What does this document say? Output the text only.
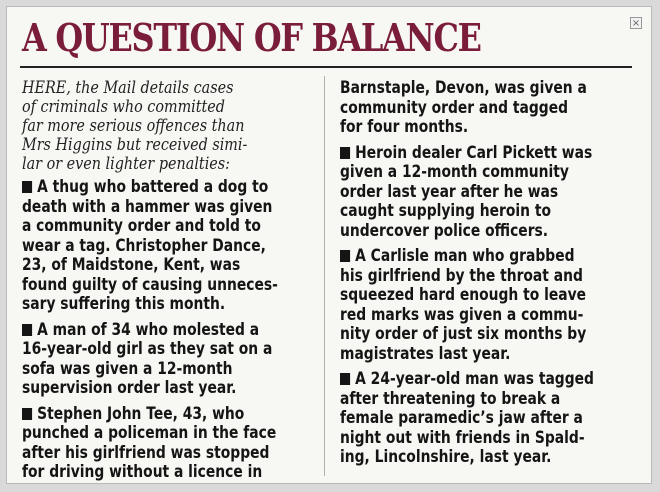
×
A QUESTION OF BALANCE
HERE, the Mail details cases
of criminals who committed
far more serious offences than
Mrs Higgins but received simi-
lar or even lighter penalties:
A thug who battered a dog to
death with a hammer was given
a community order and told to
wear a tag. Christopher Dance,
23, of Maidstone, Kent, was
found guilty of causing unneces-
sary suffering this month.
A man of 34 who molested a
16-year-old girl as they sat on a
sofa was given a 12-month
supervision order last year.
Stephen John Tee, 43, who
punched a policeman in the face
after his girlfriend was stopped
for driving without a licence in
Barnstaple, Devon, was given a
community order and tagged
for four months.
Heroin dealer Carl Pickett was
given a 12-month community
order last year after he was
caught supplying heroin to
undercover police officers.
A Carlisle man who grabbed
his girlfriend by the throat and
squeezed hard enough to leave
red marks was given a commu-
nity order of just six months by
magistrates last year.
A 24-year-old man was tagged
after threatening to break a
female paramedic’s jaw after a
night out with friends in Spald-
ing, Lincolnshire, last year.
